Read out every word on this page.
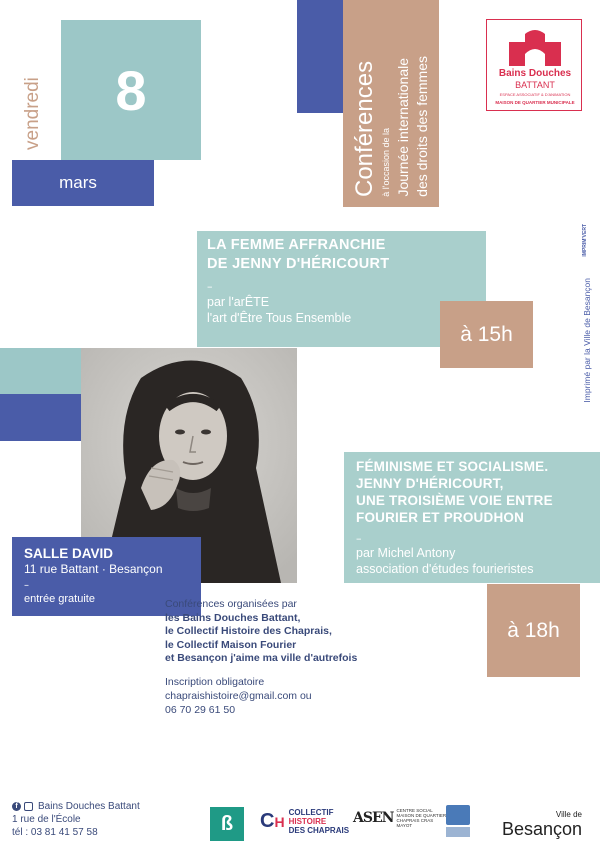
8
vendredi
mars	Conférences à l'occasion de la Journée internationale des droits des femmes	Bains Douches
BATTANT
ESPACE ASSOCIATIF & D'ANIMATION
MAISON DE QUARTIER MUNICIPALE
Imprimé par la Ville de Besançon
IMPRIM'VERT
LA FEMME AFFRANCHIE
DE JENNY D'HÉRICOURT
–
par l'arÊTE
l'art d'Être Tous Ensemble
à 15h
FÉMINISME ET SOCIALISME.
JENNY D'HÉRICOURT,
UNE TROISIÈME VOIE ENTRE
FOURIER ET PROUDHON
–
par Michel Antony
association d'études fourieristes
à 18h
SALLE DAVID
11 rue Battant · Besançon
–
entrée gratuite	Conférences organisées par
les Bains Douches Battant,
le Collectif Histoire des Chaprais,
le Collectif Maison Fourier
et Besançon j'aime ma ville d'autrefois
Inscription obligatoire
chapraishistoire@gmail.com ou
06 70 29 61 50
f	Bains Douches Battant
1 rue de l'École
tél : 03 81 41 57 58	ß CH
COLLECTIF
HISTOIRE
DES CHAPRAIS
ASEN CENTRE SOCIAL MAISON DE QUARTIER CHAPRAIS CRAS MAYOT
Ville de
Besançon
